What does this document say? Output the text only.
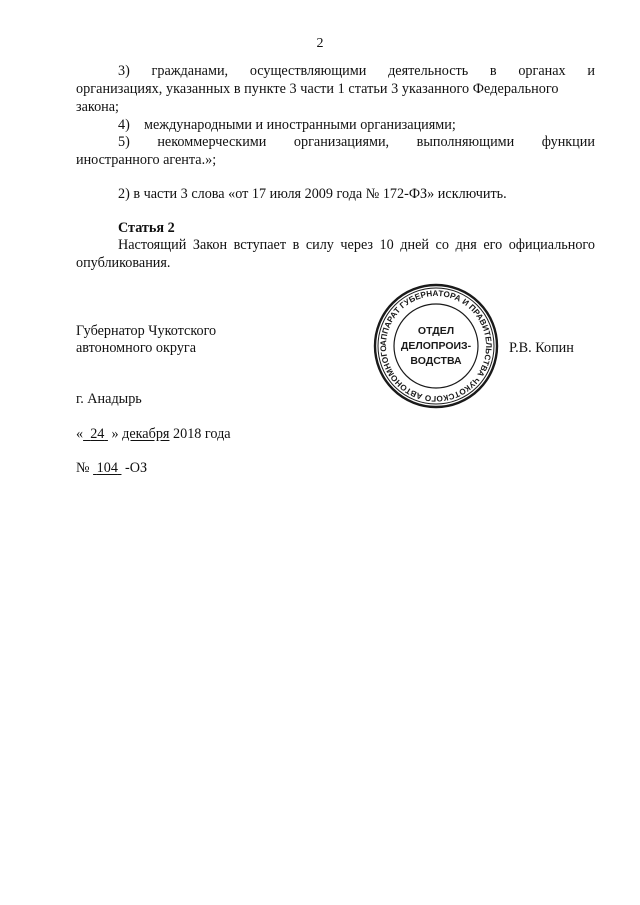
2
3) гражданами, осуществляющими деятельность в органах и
организациях, указанных в пункте 3 части 1 статьи 3 указанного Федерального
закона;
4)    международными и иностранными организациями;
5) некоммерческими организациями, выполняющими функции
иностранного агента.»;
2) в части 3 слова «от 17 июля 2009 года № 172-ФЗ» исключить.
Статья 2
Настоящий Закон вступает в силу через 10 дней со дня его официального
опубликования.
Губернатор Чукотского
автономного округа	Р.В. Копин
АППАРАТ ГУБЕРНАТОРА И ПРАВИТЕЛЬСТВА ЧУКОТСКОГО АВТОНОМНОГО
ОТДЕЛ
ДЕЛОПРОИЗ-
ВОДСТВА
г. Анадырь
« 24 » декабря 2018 года
№ 104 -ОЗ
